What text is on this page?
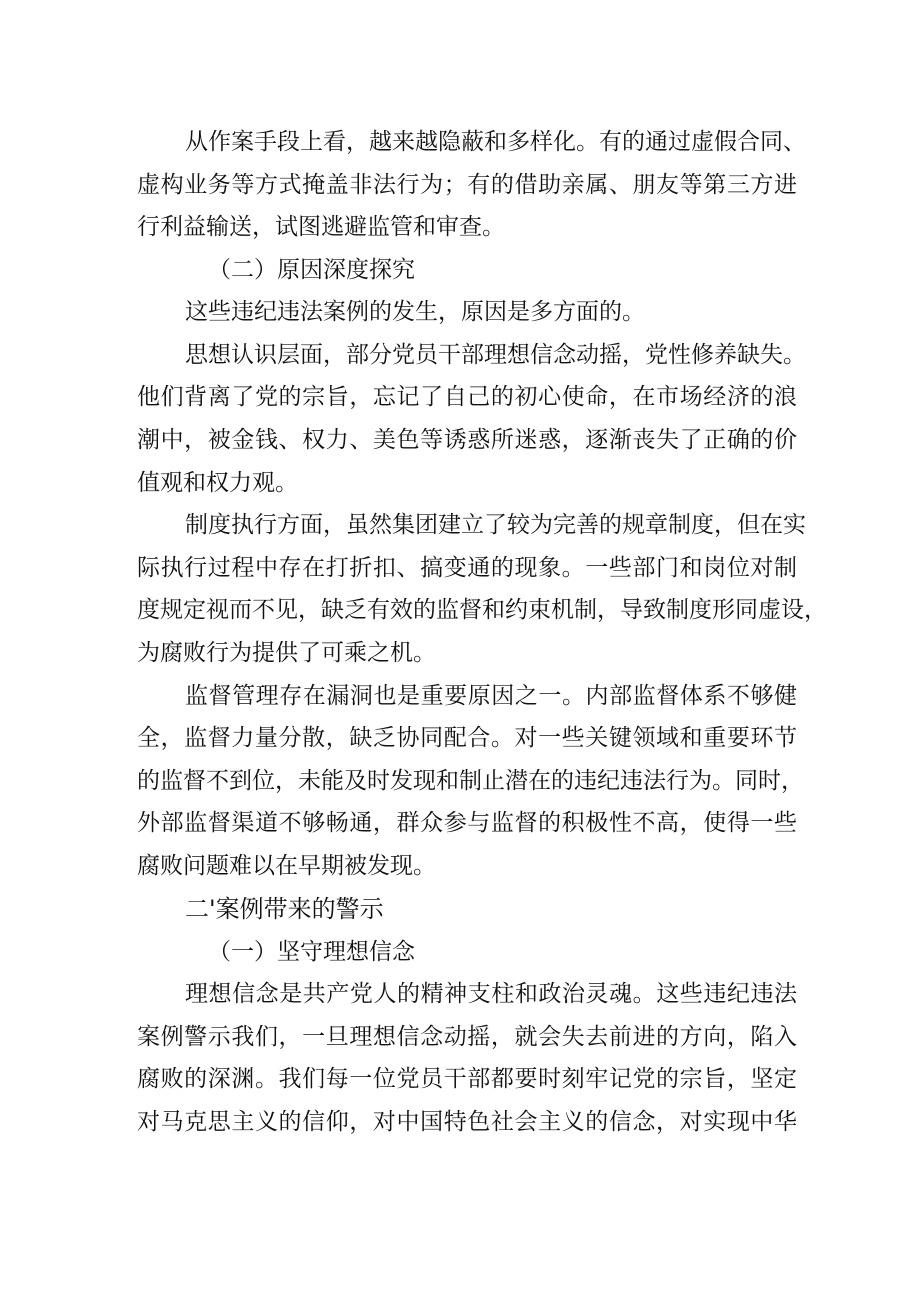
从作案手段上看，越来越隐蔽和多样化。有的通过虚假合同、
虚构业务等方式掩盖非法行为；有的借助亲属、朋友等第三方进
行利益输送，试图逃避监管和审查。
（二）原因深度探究
这些违纪违法案例的发生，原因是多方面的。
思想认识层面，部分党员干部理想信念动摇，党性修养缺失。
他们背离了党的宗旨，忘记了自己的初心使命，在市场经济的浪
潮中，被金钱、权力、美色等诱惑所迷惑，逐渐丧失了正确的价
值观和权力观。
制度执行方面，虽然集团建立了较为完善的规章制度，但在实
际执行过程中存在打折扣、搞变通的现象。一些部门和岗位对制
度规定视而不见，缺乏有效的监督和约束机制，导致制度形同虚设，
为腐败行为提供了可乘之机。
监督管理存在漏洞也是重要原因之一。内部监督体系不够健
全，监督力量分散，缺乏协同配合。对一些关键领域和重要环节
的监督不到位，未能及时发现和制止潜在的违纪违法行为。同时，
外部监督渠道不够畅通，群众参与监督的积极性不高，使得一些
腐败问题难以在早期被发现。
二'案例带来的警示
（一）坚守理想信念
理想信念是共产党人的精神支柱和政治灵魂。这些违纪违法
案例警示我们，一旦理想信念动摇，就会失去前进的方向，陷入
腐败的深渊。我们每一位党员干部都要时刻牢记党的宗旨，坚定
对马克思主义的信仰，对中国特色社会主义的信念，对实现中华
